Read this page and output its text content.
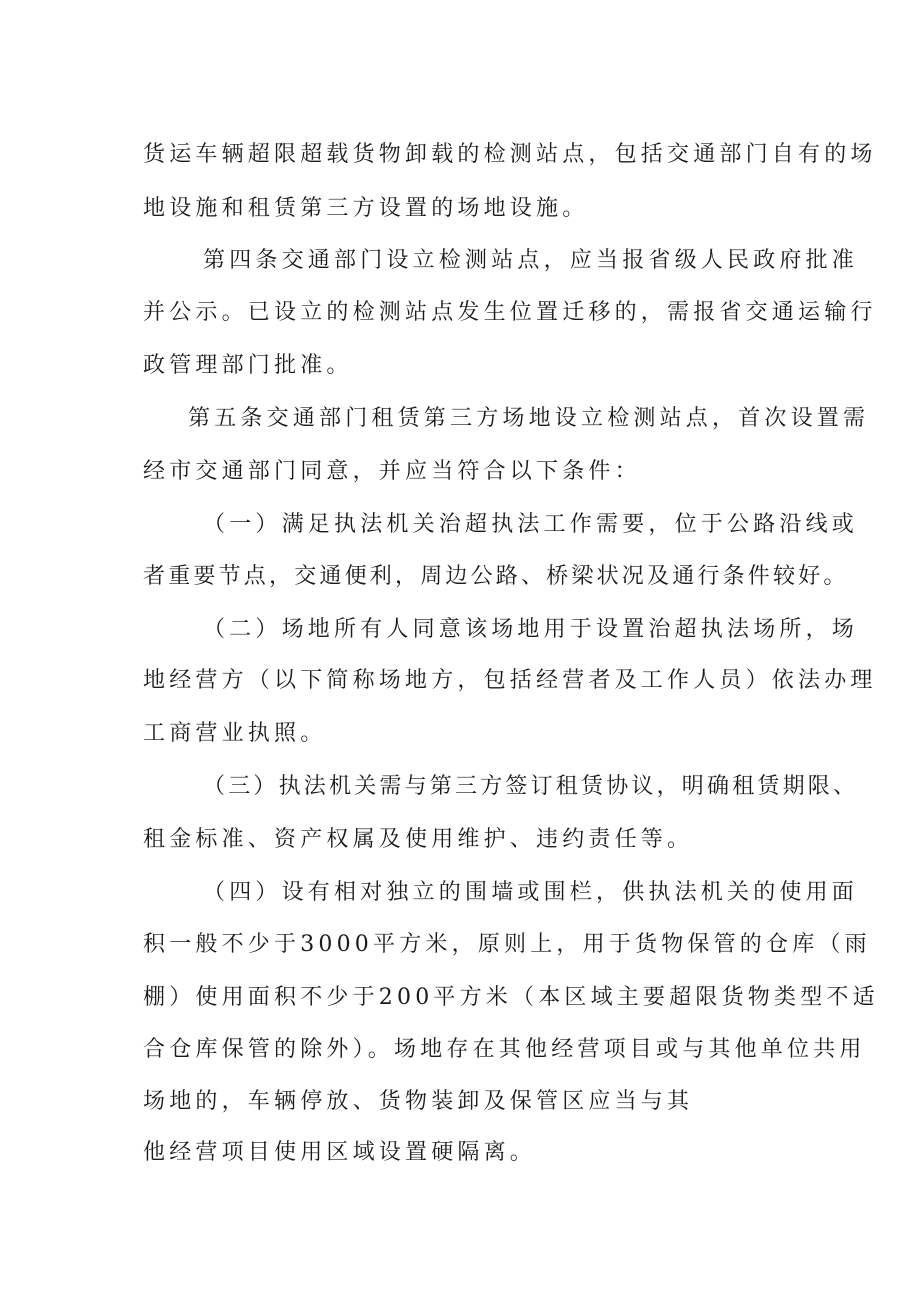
货运车辆超限超载货物卸载的检测站点，包括交通部门自有的场
地设施和租赁第三方设置的场地设施。
第四条交通部门设立检测站点，应当报省级人民政府批准
并公示。已设立的检测站点发生位置迁移的，需报省交通运输行
政管理部门批准。
第五条交通部门租赁第三方场地设立检测站点，首次设置需
经市交通部门同意，并应当符合以下条件：
（一）满足执法机关治超执法工作需要，位于公路沿线或
者重要节点，交通便利，周边公路、桥梁状况及通行条件较好。
（二）场地所有人同意该场地用于设置治超执法场所，场
地经营方（以下简称场地方，包括经营者及工作人员）依法办理
工商营业执照。
（三）执法机关需与第三方签订租赁协议，明确租赁期限、
租金标准、资产权属及使用维护、违约责任等。
（四）设有相对独立的围墙或围栏，供执法机关的使用面
积一般不少于3000平方米，原则上，用于货物保管的仓库（雨
棚）使用面积不少于200平方米（本区域主要超限货物类型不适
合仓库保管的除外）。场地存在其他经营项目或与其他单位共用
场地的，车辆停放、货物装卸及保管区应当与其
他经营项目使用区域设置硬隔离。
